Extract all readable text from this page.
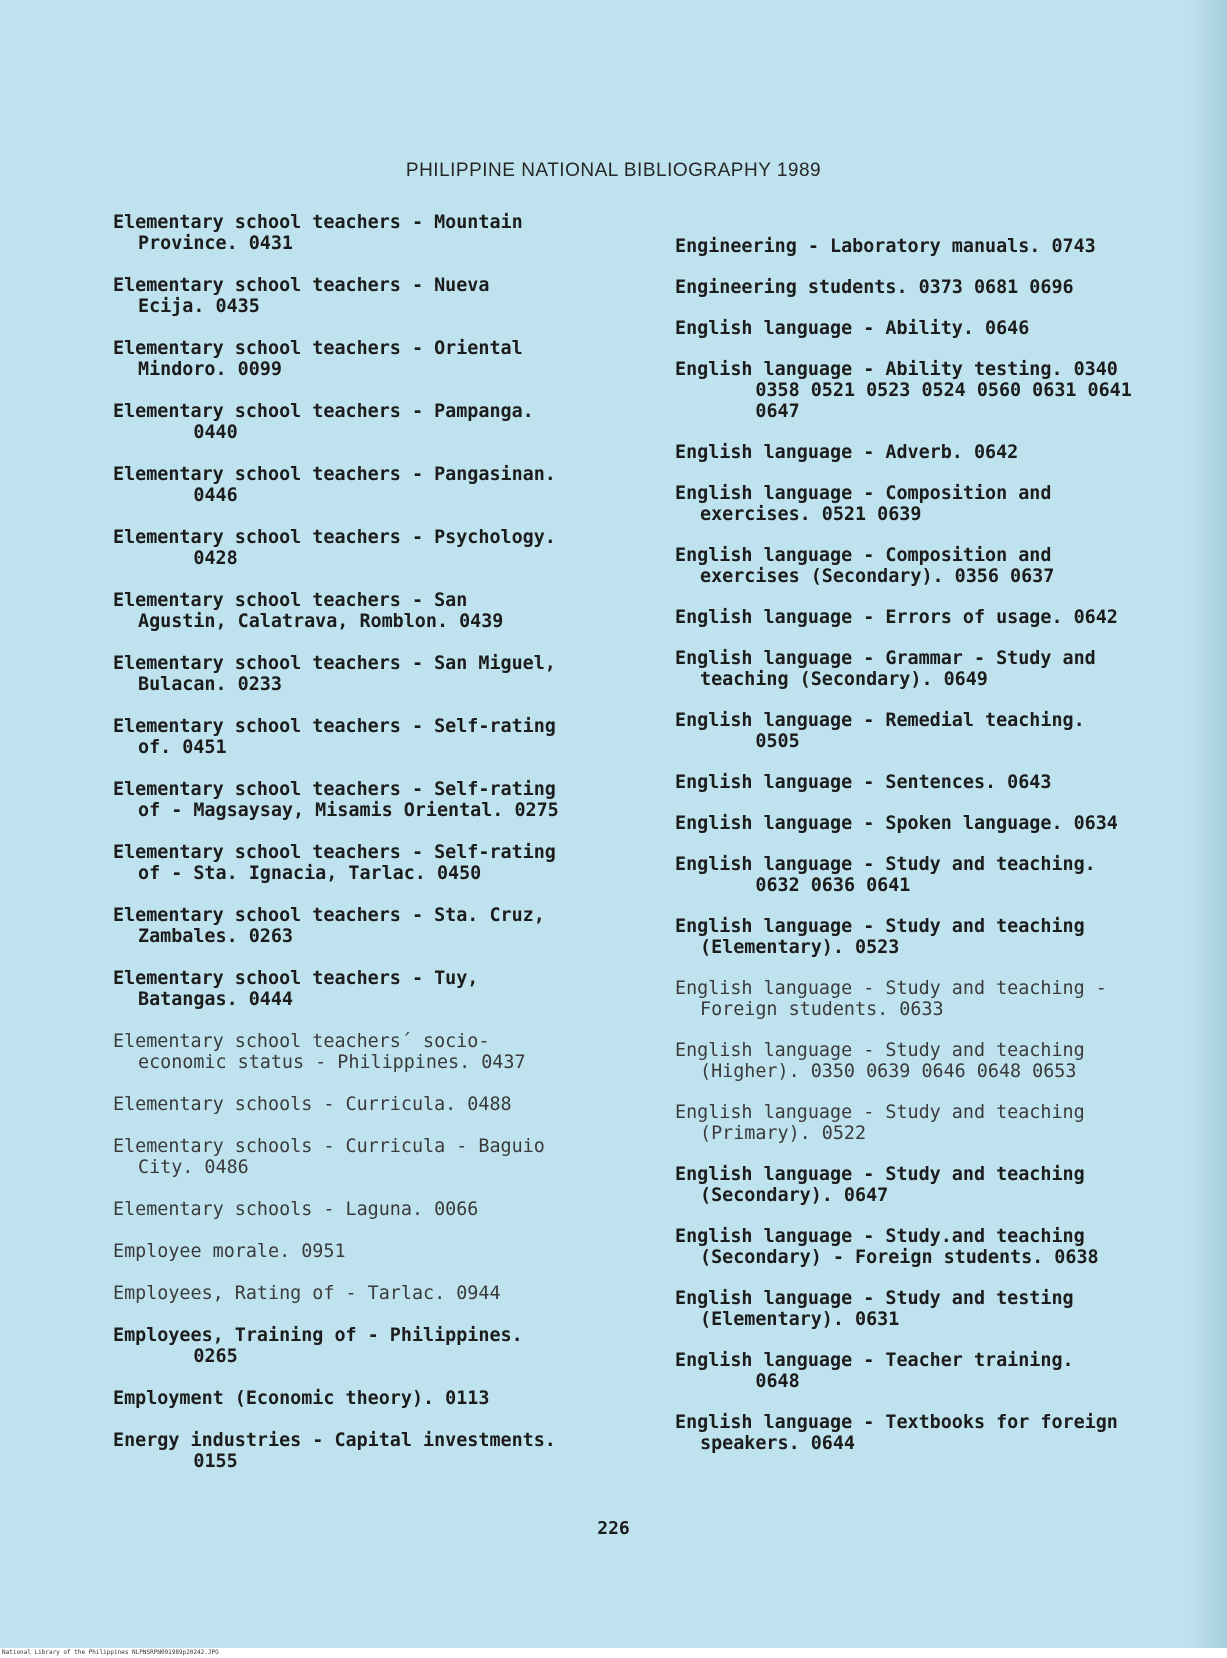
PHILIPPINE NATIONAL BIBLIOGRAPHY 1989
Elementary school teachers - Mountain
Province. 0431
Elementary school teachers - Nueva
Ecija. 0435
Elementary school teachers - Oriental
Mindoro. 0099
Elementary school teachers - Pampanga.
0440
Elementary school teachers - Pangasinan.
0446
Elementary school teachers - Psychology.
0428
Elementary school teachers - San
Agustin, Calatrava, Romblon. 0439
Elementary school teachers - San Miguel,
Bulacan. 0233
Elementary school teachers - Self-rating
of. 0451
Elementary school teachers - Self-rating
of - Magsaysay, Misamis Oriental. 0275
Elementary school teachers - Self-rating
of - Sta. Ignacia, Tarlac. 0450
Elementary school teachers - Sta. Cruz,
Zambales. 0263
Elementary school teachers - Tuy,
Batangas. 0444
Elementary school teachers´ socio-
economic status - Philippines. 0437
Elementary schools - Curricula. 0488
Elementary schools - Curricula - Baguio
City. 0486
Elementary schools - Laguna. 0066
Employee morale. 0951
Employees, Rating of - Tarlac. 0944
Employees, Training of - Philippines.
0265
Employment (Economic theory). 0113
Energy industries - Capital investments.
0155
Engineering - Laboratory manuals. 0743
Engineering students. 0373 0681 0696
English language - Ability. 0646
English language - Ability testing. 0340
0358 0521 0523 0524 0560 0631 0641
0647
English language - Adverb. 0642
English language - Composition and
exercises. 0521 0639
English language - Composition and
exercises (Secondary). 0356 0637
English language - Errors of usage. 0642
English language - Grammar - Study and
teaching (Secondary). 0649
English language - Remedial teaching.
0505
English language - Sentences. 0643
English language - Spoken language. 0634
English language - Study and teaching.
0632 0636 0641
English language - Study and teaching
(Elementary). 0523
English language - Study and teaching -
Foreign students. 0633
English language - Study and teaching
(Higher). 0350 0639 0646 0648 0653
English language - Study and teaching
(Primary). 0522
English language - Study and teaching
(Secondary). 0647
English language - Study.and teaching
(Secondary) - Foreign students. 0638
English language - Study and testing
(Elementary). 0631
English language - Teacher training.
0648
English language - Textbooks for foreign
speakers. 0644
226
National Library of the Philippines NLPNSRPN091989p20242.JPG
